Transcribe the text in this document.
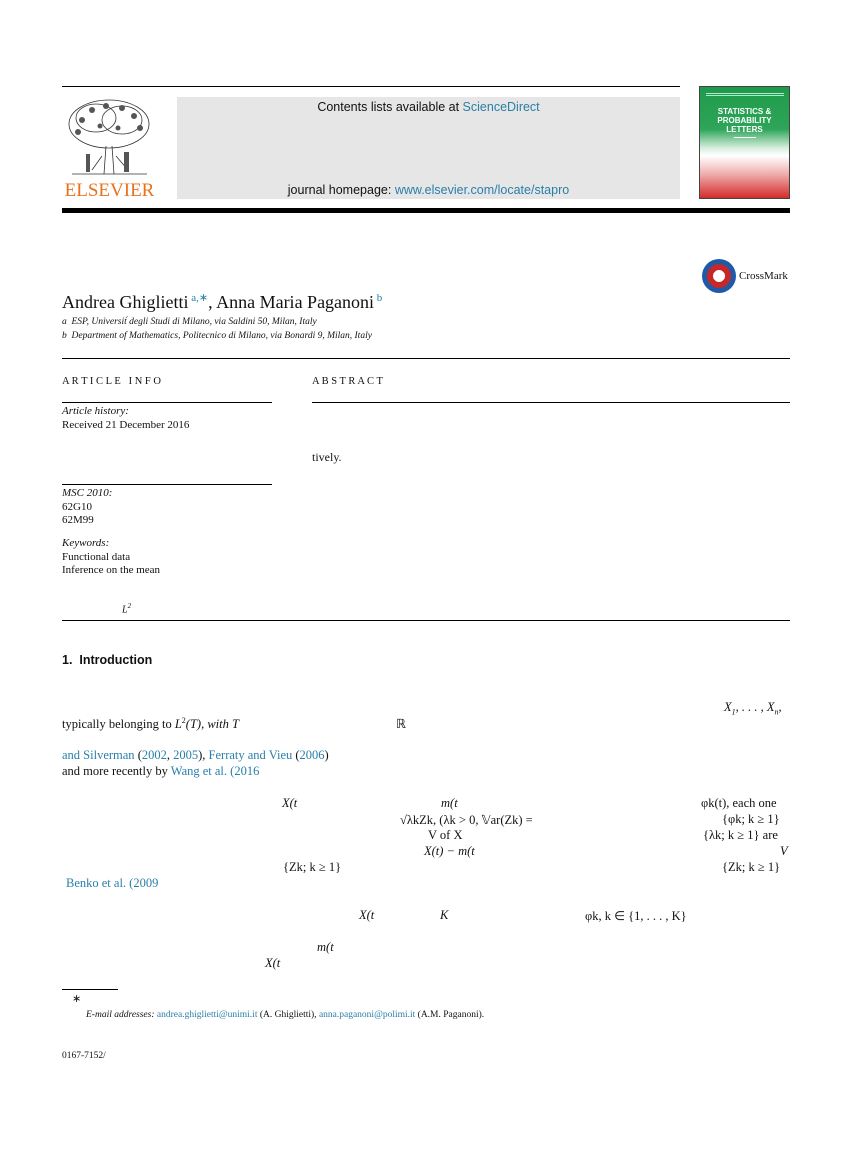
ELSEVIER
Contents lists available at ScienceDirect
journal homepage: www.elsevier.com/locate/stapro
STATISTICS & PROBABILITY LETTERS
CrossMark
Andrea Ghiglietti $^{a,∗}$, Anna Maria Paganoni $^b$
a  ESP, Universit́ degli Studi di Milano, via Saldini 50, Milan, Italy
b  Department of Mathematics, Politecnico di Milano, via Bonardi 9, Milan, Italy
A R T I C L E   I N F O
Article history:
Received 21 December 2016
MSC 2010:
62G10
62M99
Keywords:
Functional data
Inference on the mean
$L^2$
A B S T R A C T
tively.
1.  Introduction
$X_1$, . . . , $X_n$,
typically belonging to $L^2(T)$, with T	ℝ
and Silverman (2002, 2005), Ferraty and Vieu (2006)
and more recently by Wang et al. (2016
X(t	m(t	φk(t), each one
√λkZk, (λk > 0, 𝕍ar(Zk) =	{φk; k ≥ 1}
V of X	{λk; k ≥ 1} are
X(t) − m(t	V
{Zk; k ≥ 1}	{Zk; k ≥ 1}
Benko et al. (2009
X(t	K	φk, k ∈ {1, . . . , K}
m(t
X(t
∗
E-mail addresses: andrea.ghiglietti@unimi.it (A. Ghiglietti), anna.paganoni@polimi.it (A.M. Paganoni).
0167-7152/
